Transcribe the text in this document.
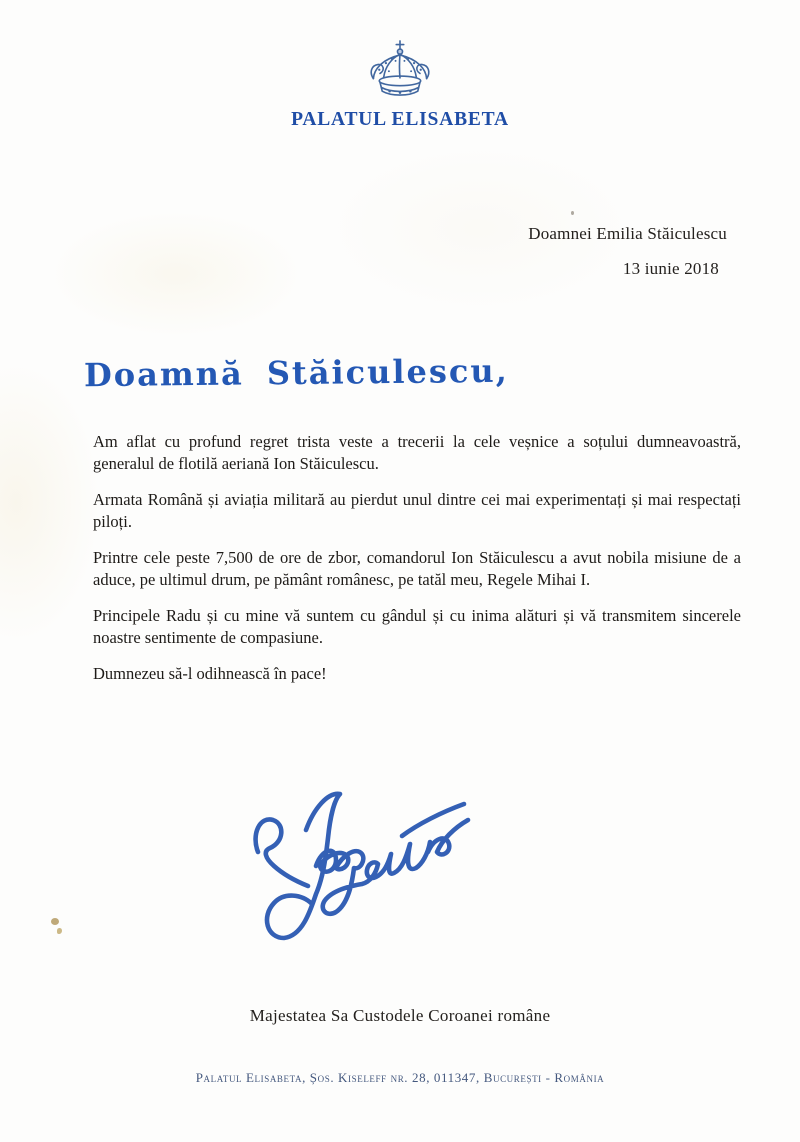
PALATUL ELISABETA
Doamnei Emilia Stăiculescu
13 iunie 2018
Doamnă Stăiculescu,

Am aflat cu profund regret trista veste a trecerii la cele veșnice a soțului dumneavoastră, generalul de flotilă aeriană Ion Stăiculescu.

Armata Română și aviația militară au pierdut unul dintre cei mai experimentați și mai respectați piloți.

Printre cele peste 7,500 de ore de zbor, comandorul Ion Stăiculescu a avut nobila misiune de a aduce, pe ultimul drum, pe pământ românesc, pe tatăl meu, Regele Mihai I.

Principele Radu și cu mine vă suntem cu gândul și cu inima alături și vă transmitem sincerele noastre sentimente de compasiune.

Dumnezeu să-l odihnească în pace!

Majestatea Sa Custodele Coroanei române
Palatul Elisabeta, Șos. Kiseleff nr. 28, 011347, București - România
